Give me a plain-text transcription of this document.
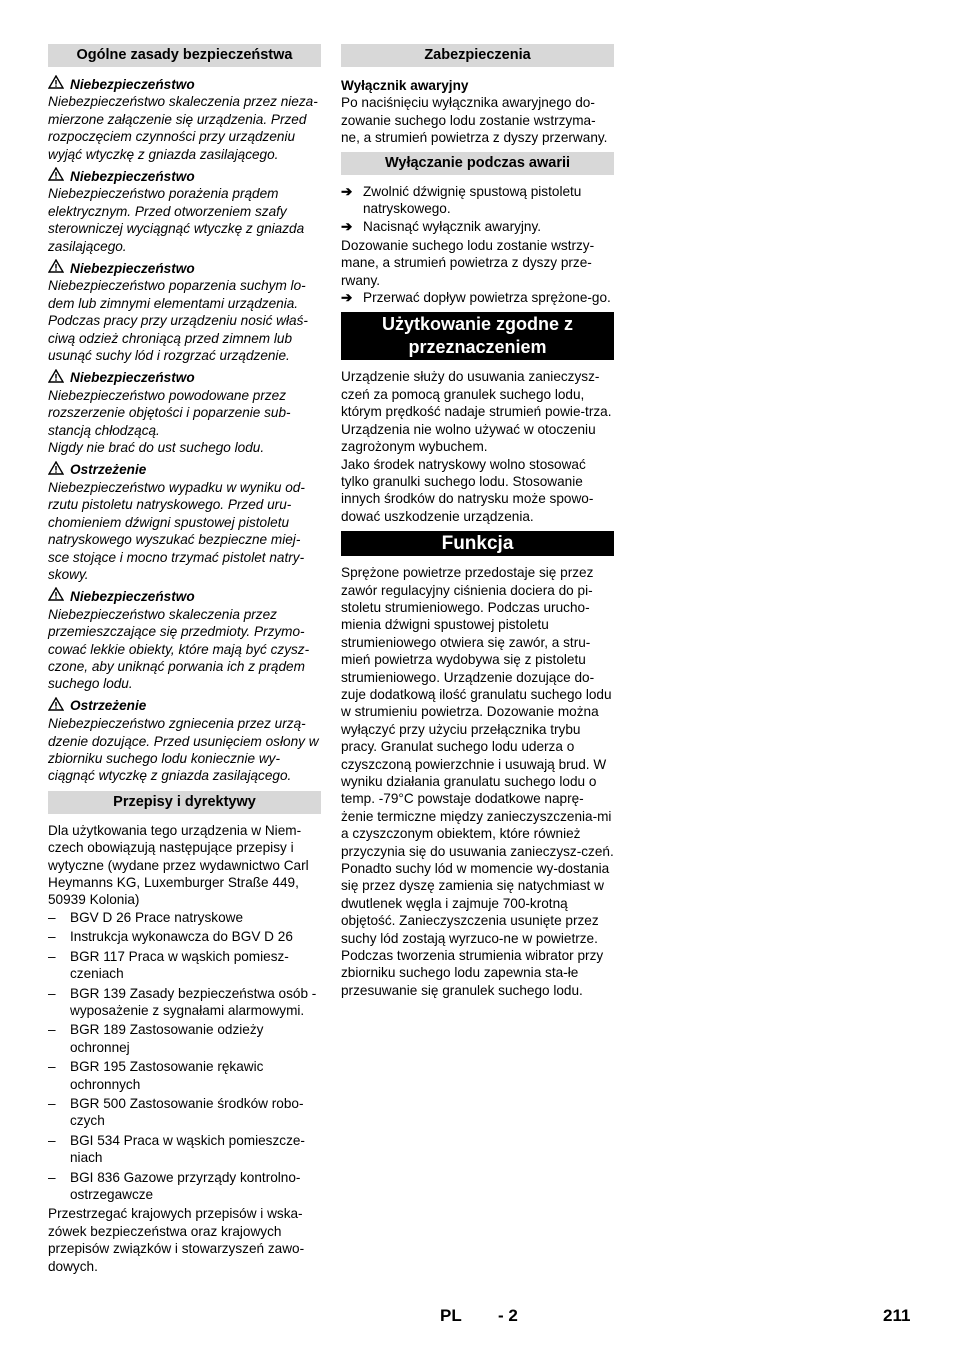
Ogólne zasady bezpieczeństwa
Niebezpieczeństwo

Niebezpieczeństwo skaleczenia przez nieza-mierzone załączenie się urządzenia. Przed rozpoczęciem czynności przy urządzeniu wyjąć wtyczkę z gniazda zasilającego.

Niebezpieczeństwo

Niebezpieczeństwo porażenia prądem elektrycznym. Przed otworzeniem szafy sterowniczej wyciągnąć wtyczkę z gniazda zasilającego.

Niebezpieczeństwo

Niebezpieczeństwo poparzenia suchym lo-dem lub zimnymi elementami urządzenia. Podczas pracy przy urządzeniu nosić właś-ciwą odzież chroniącą przed zimnem lub usunąć suchy lód i rozgrzać urządzenie.

Niebezpieczeństwo

Niebezpieczeństwo powodowane przez rozszerzenie objętości i poparzenie sub-stancją chłodzącą.

Nigdy nie brać do ust suchego lodu.

Ostrzeżenie

Niebezpieczeństwo wypadku w wyniku od-rzutu pistoletu natryskowego. Przed uru-chomieniem dźwigni spustowej pistoletu natryskowego wyszukać bezpieczne miej-sce stojące i mocno trzymać pistolet natry-skowy.

Niebezpieczeństwo

Niebezpieczeństwo skaleczenia przez przemieszczające się przedmioty. Przymo-cować lekkie obiekty, które mają być czysz-czone, aby uniknąć porwania ich z prądem suchego lodu.

Ostrzeżenie

Niebezpieczeństwo zgniecenia przez urzą-dzenie dozujące. Przed usunięciem osłony w zbiorniku suchego lodu koniecznie wy-ciągnąć wtyczkę z gniazda zasilającego.

Przepisy i dyrektywy

Dla użytkowania tego urządzenia w Niem-czech obowiązują następujące przepisy i wytyczne (wydane przez wydawnictwo Carl Heymanns KG, Luxemburger Straße 449, 50939 Kolonia)

– BGV D 26 Prace natryskowe
– Instrukcja wykonawcza do BGV D 26
– BGR 117 Praca w wąskich pomiesz-czeniach
– BGR 139 Zasady bezpieczeństwa osób - wyposażenie z sygnałami alarmowymi.
– BGR 189 Zastosowanie odzieży ochronnej
– BGR 195 Zastosowanie rękawic ochronnych
– BGR 500 Zastosowanie środków robo-czych
– BGI 534 Praca w wąskich pomieszcze-niach
– BGI 836 Gazowe przyrządy kontrolno-ostrzegawcze

Przestrzegać krajowych przepisów i wska-zówek bezpieczeństwa oraz krajowych przepisów związków i stowarzyszeń zawo-dowych.

Zabezpieczenia

Wyłącznik awaryjny

Po naciśnięciu wyłącznika awaryjnego do-zowanie suchego lodu zostanie wstrzyma-ne, a strumień powietrza z dyszy przerwany.

Wyłączanie podczas awarii
➔ Zwolnić dźwignię spustową pistoletu natryskowego.
➔ Nacisnąć wyłącznik awaryjny.

Dozowanie suchego lodu zostanie wstrzy-mane, a strumień powietrza z dyszy prze-rwany.

➔ Przerwać dopływ powietrza sprężone-go.
Użytkowanie zgodne z przeznaczeniem

Urządzenie służy do usuwania zanieczysz-czeń za pomocą granulek suchego lodu, którym prędkość nadaje strumień powie-trza.

Urządzenia nie wolno używać w otoczeniu zagrożonym wybuchem.

Jako środek natryskowy wolno stosować tylko granulki suchego lodu. Stosowanie innych środków do natrysku może spowo-dować uszkodzenie urządzenia.

Funkcja

Sprężone powietrze przedostaje się przez zawór regulacyjny ciśnienia dociera do pi-stoletu strumieniowego. Podczas urucho-mienia dźwigni spustowej pistoletu strumieniowego otwiera się zawór, a stru-mień powietrza wydobywa się z pistoletu strumieniowego. Urządzenie dozujące do-zuje dodatkową ilość granulatu suchego lodu w strumieniu powietrza. Dozowanie można wyłączyć przy użyciu przełącznika trybu pracy. Granulat suchego lodu uderza o czyszczoną powierzchnie i usuwają brud. W wyniku działania granulatu suchego lodu o temp. -79°C powstaje dodatkowe naprę-żenie termiczne między zanieczyszczenia-mi a czyszczonym obiektem, które również przyczynia się do usuwania zanieczysz-czeń. Ponadto suchy lód w momencie wy-dostania się przez dyszę zamienia się natychmiast w dwutlenek węgla i zajmuje 700-krotną objętość. Zanieczyszczenia usunięte przez suchy lód zostają wyrzuco-ne w powietrze.

Podczas tworzenia strumienia wibrator przy zbiorniku suchego lodu zapewnia sta-łe przesuwanie się granulek suchego lodu.

PL - 2	211
